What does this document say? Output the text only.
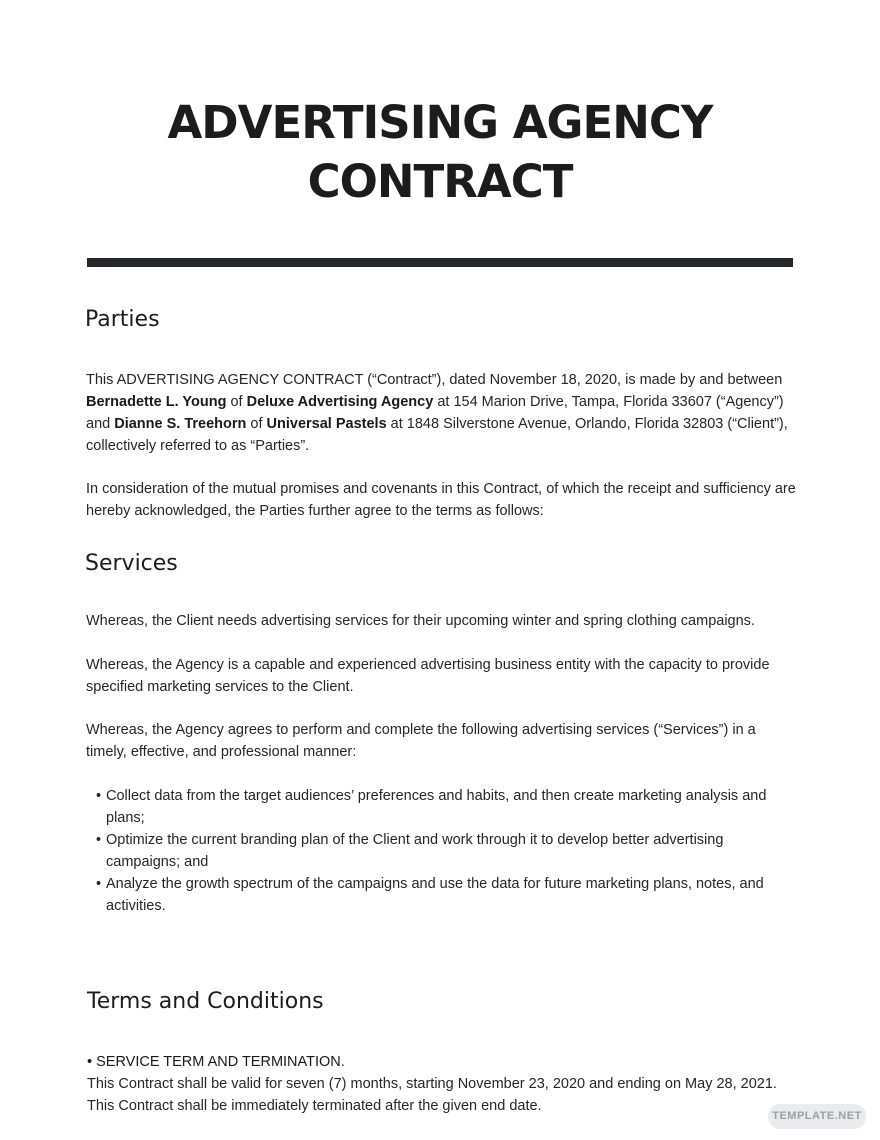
ADVERTISING AGENCY
CONTRACT
Parties

This ADVERTISING AGENCY CONTRACT (“Contract”), dated November 18, 2020, is made by and between Bernadette L. Young of Deluxe Advertising Agency at 154 Marion Drive, Tampa, Florida 33607 (“Agency”) and Dianne S. Treehorn of Universal Pastels at 1848 Silverstone Avenue, Orlando, Florida 32803 (“Client”), collectively referred to as “Parties”.

In consideration of the mutual promises and covenants in this Contract, of which the receipt and sufficiency are hereby acknowledged, the Parties further agree to the terms as follows:

Services

Whereas, the Client needs advertising services for their upcoming winter and spring clothing campaigns.

Whereas, the Agency is a capable and experienced advertising business entity with the capacity to provide specified marketing services to the Client.

Whereas, the Agency agrees to perform and complete the following advertising services (“Services”) in a timely, effective, and professional manner:

• Collect data from the target audiences’ preferences and habits, and then create marketing analysis and plans;
• Optimize the current branding plan of the Client and work through it to develop better advertising campaigns; and
• Analyze the growth spectrum of the campaigns and use the data for future marketing plans, notes, and activities.
Terms and Conditions

• SERVICE TERM AND TERMINATION.

This Contract shall be valid for seven (7) months, starting November 23, 2020 and ending on May 28, 2021. This Contract shall be immediately terminated after the given end date.

TEMPLATE.NET
